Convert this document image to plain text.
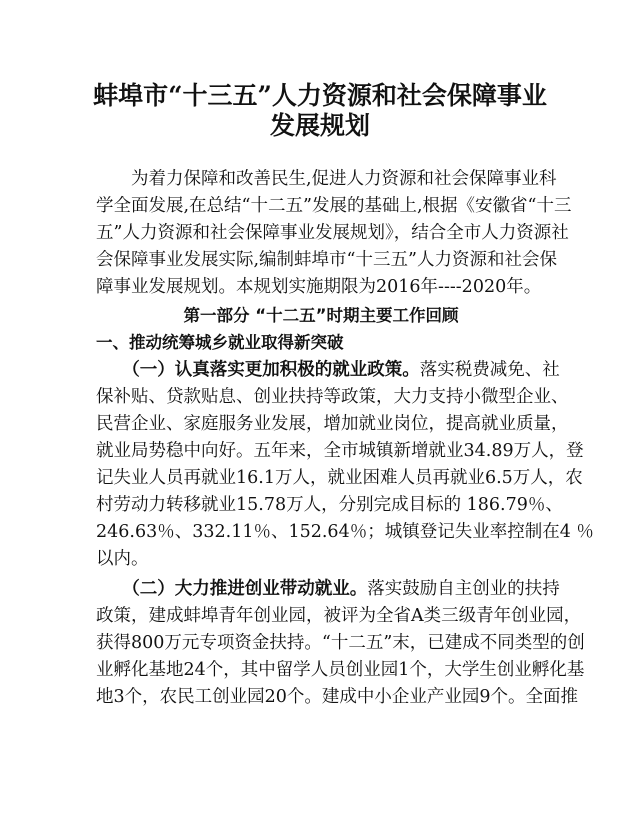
蚌埠市“十三五”人力资源和社会保障事业
发展规划

　　为着力保障和改善民生,促进人力资源和社会保障事业科

学全面发展,在总结“十二五”发展的基础上,根据《安徽省“十三

五”人力资源和社会保障事业发展规划》，结合全市人力资源社

会保障事业发展实际,编制蚌埠市“十三五”人力资源和社会保

障事业发展规划。本规划实施期限为2016年----2020年。

第一部分 “十二五”时期主要工作回顾

一、推动统筹城乡就业取得新突破

　　（一）认真落实更加积极的就业政策。落实税费减免、社

保补贴、贷款贴息、创业扶持等政策，大力支持小微型企业、

民营企业、家庭服务业发展，增加就业岗位，提高就业质量，

就业局势稳中向好。五年来，全市城镇新增就业34.89万人，登

记失业人员再就业16.1万人，就业困难人员再就业6.5万人，农

村劳动力转移就业15.78万人，分别完成目标的 186.79％、

246.63％、332.11％、152.64％；城镇登记失业率控制在4 ％

以内。

　　（二）大力推进创业带动就业。落实鼓励自主创业的扶持

政策，建成蚌埠青年创业园，被评为全省A类三级青年创业园，

获得800万元专项资金扶持。“十二五”末，已建成不同类型的创

业孵化基地24个，其中留学人员创业园1个，大学生创业孵化基

地3个，农民工创业园20个。建成中小企业产业园9个。全面推
